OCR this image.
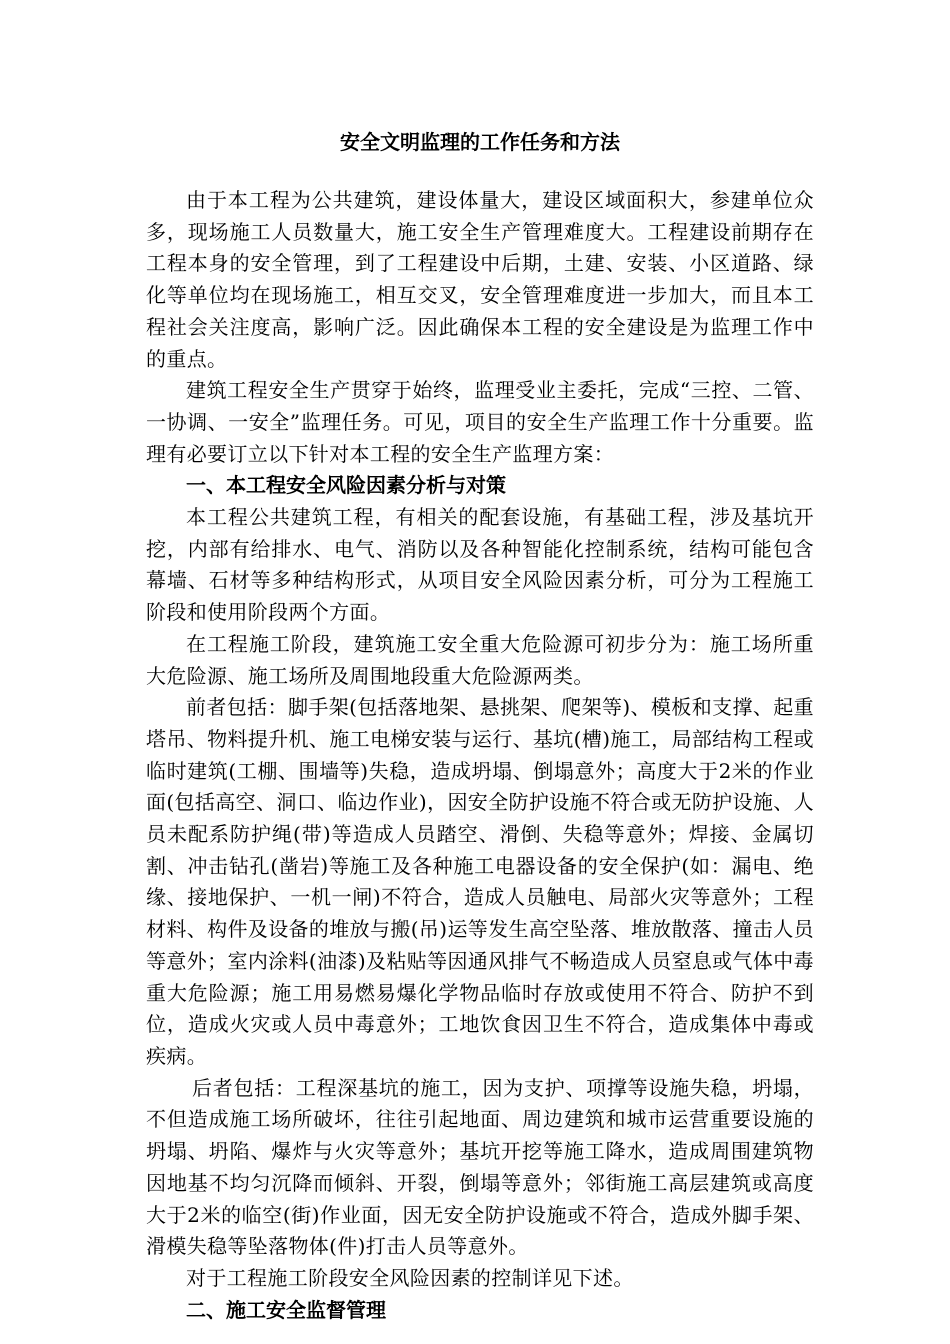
安全文明监理的工作任务和方法

由于本工程为公共建筑，建设体量大，建设区域面积大，参建单位众多，现场施工人员数量大，施工安全生产管理难度大。工程建设前期存在工程本身的安全管理，到了工程建设中后期，土建、安装、小区道路、绿化等单位均在现场施工，相互交叉，安全管理难度进一步加大，而且本工程社会关注度高，影响广泛。因此确保本工程的安全建设是为监理工作中的重点。

建筑工程安全生产贯穿于始终，监理受业主委托，完成“三控、二管、一协调、一安全”监理任务。可见，项目的安全生产监理工作十分重要。监理有必要订立以下针对本工程的安全生产监理方案：

一、本工程安全风险因素分析与对策

本工程公共建筑工程，有相关的配套设施，有基础工程，涉及基坑开挖，内部有给排水、电气、消防以及各种智能化控制系统，结构可能包含幕墙、石材等多种结构形式，从项目安全风险因素分析，可分为工程施工阶段和使用阶段两个方面。

在工程施工阶段，建筑施工安全重大危险源可初步分为：施工场所重大危险源、施工场所及周围地段重大危险源两类。

前者包括：脚手架(包括落地架、悬挑架、爬架等)、模板和支撑、起重塔吊、物料提升机、施工电梯安装与运行、基坑(槽)施工，局部结构工程或临时建筑(工棚、围墙等)失稳，造成坍塌、倒塌意外；高度大于2米的作业面(包括高空、洞口、临边作业)，因安全防护设施不符合或无防护设施、人员未配系防护绳(带)等造成人员踏空、滑倒、失稳等意外；焊接、金属切割、冲击钻孔(凿岩)等施工及各种施工电器设备的安全保护(如：漏电、绝缘、接地保护、一机一闸)不符合，造成人员触电、局部火灾等意外；工程材料、构件及设备的堆放与搬(吊)运等发生高空坠落、堆放散落、撞击人员等意外；室内涂料(油漆)及粘贴等因通风排气不畅造成人员窒息或气体中毒重大危险源；施工用易燃易爆化学物品临时存放或使用不符合、防护不到位，造成火灾或人员中毒意外；工地饮食因卫生不符合，造成集体中毒或疾病。

后者包括：工程深基坑的施工，因为支护、项撑等设施失稳，坍塌，不但造成施工场所破坏，往往引起地面、周边建筑和城市运营重要设施的坍塌、坍陷、爆炸与火灾等意外；基坑开挖等施工降水，造成周围建筑物因地基不均匀沉降而倾斜、开裂，倒塌等意外；邻街施工高层建筑或高度大于2米的临空(街)作业面，因无安全防护设施或不符合，造成外脚手架、滑模失稳等坠落物体(件)打击人员等意外。

对于工程施工阶段安全风险因素的控制详见下述。

二、施工安全监督管理
